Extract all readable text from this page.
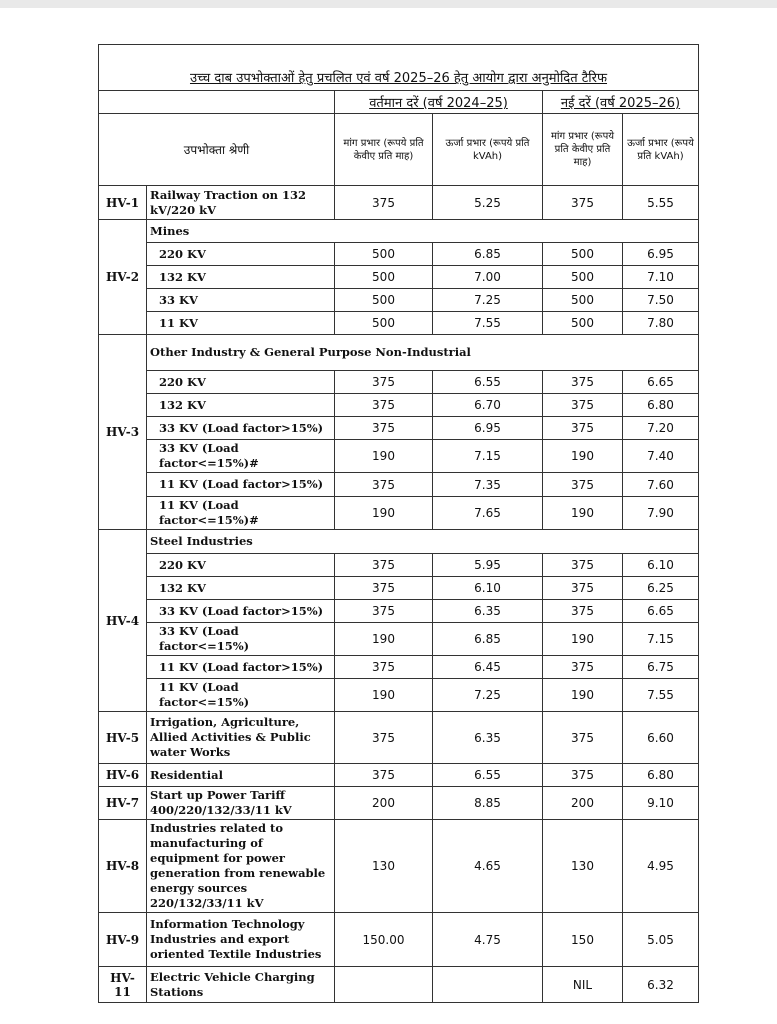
उच्च दाब उपभोक्ताओं हेतु प्रचलित एवं वर्ष 2025–26 हेतु आयोग द्वारा अनुमोदित टैरिफ					
		वर्तमान दरें (वर्ष 2024–25)		नई दरें (वर्ष 2025–26)	
उपभोक्ता श्रेणी		मांग प्रभार (रूपये प्रति केवीए प्रति माह)	ऊर्जा प्रभार (रूपये प्रति kVAh)	मांग प्रभार (रूपये प्रति केवीए प्रति माह)	ऊर्जा प्रभार (रूपये प्रति kVAh)
HV-1	Railway Traction on 132 kV/220 kV	375	5.25	375	5.55
HV-2	Mines				
	220 KV	500	6.85	500	6.95
	132 KV	500	7.00	500	7.10
	33 KV	500	7.25	500	7.50
	11 KV	500	7.55	500	7.80
HV-3	Other Industry & General Purpose Non-Industrial				
	220 KV	375	6.55	375	6.65
	132 KV	375	6.70	375	6.80
	33 KV (Load factor>15%)	375	6.95	375	7.20
	33 KV (Load factor<=15%)#	190	7.15	190	7.40
	11 KV (Load factor>15%)	375	7.35	375	7.60
	11 KV (Load factor<=15%)#	190	7.65	190	7.90
HV-4	Steel Industries				
	220 KV	375	5.95	375	6.10
	132 KV	375	6.10	375	6.25
	33 KV (Load factor>15%)	375	6.35	375	6.65
	33 KV (Load factor<=15%)	190	6.85	190	7.15
	11 KV (Load factor>15%)	375	6.45	375	6.75
	11 KV (Load factor<=15%)	190	7.25	190	7.55
HV-5	Irrigation, Agriculture, Allied Activities & Public water Works	375	6.35	375	6.60
HV-6	Residential	375	6.55	375	6.80
HV-7	Start up Power Tariff 400/220/132/33/11 kV	200	8.85	200	9.10
HV-8	Industries related to manufacturing of equipment for power generation from renewable energy sources 220/132/33/11 kV	130	4.65	130	4.95
HV-9	Information Technology Industries and export oriented Textile Industries	150.00	4.75	150	5.05
HV-11	Electric Vehicle Charging Stations			NIL	6.32
